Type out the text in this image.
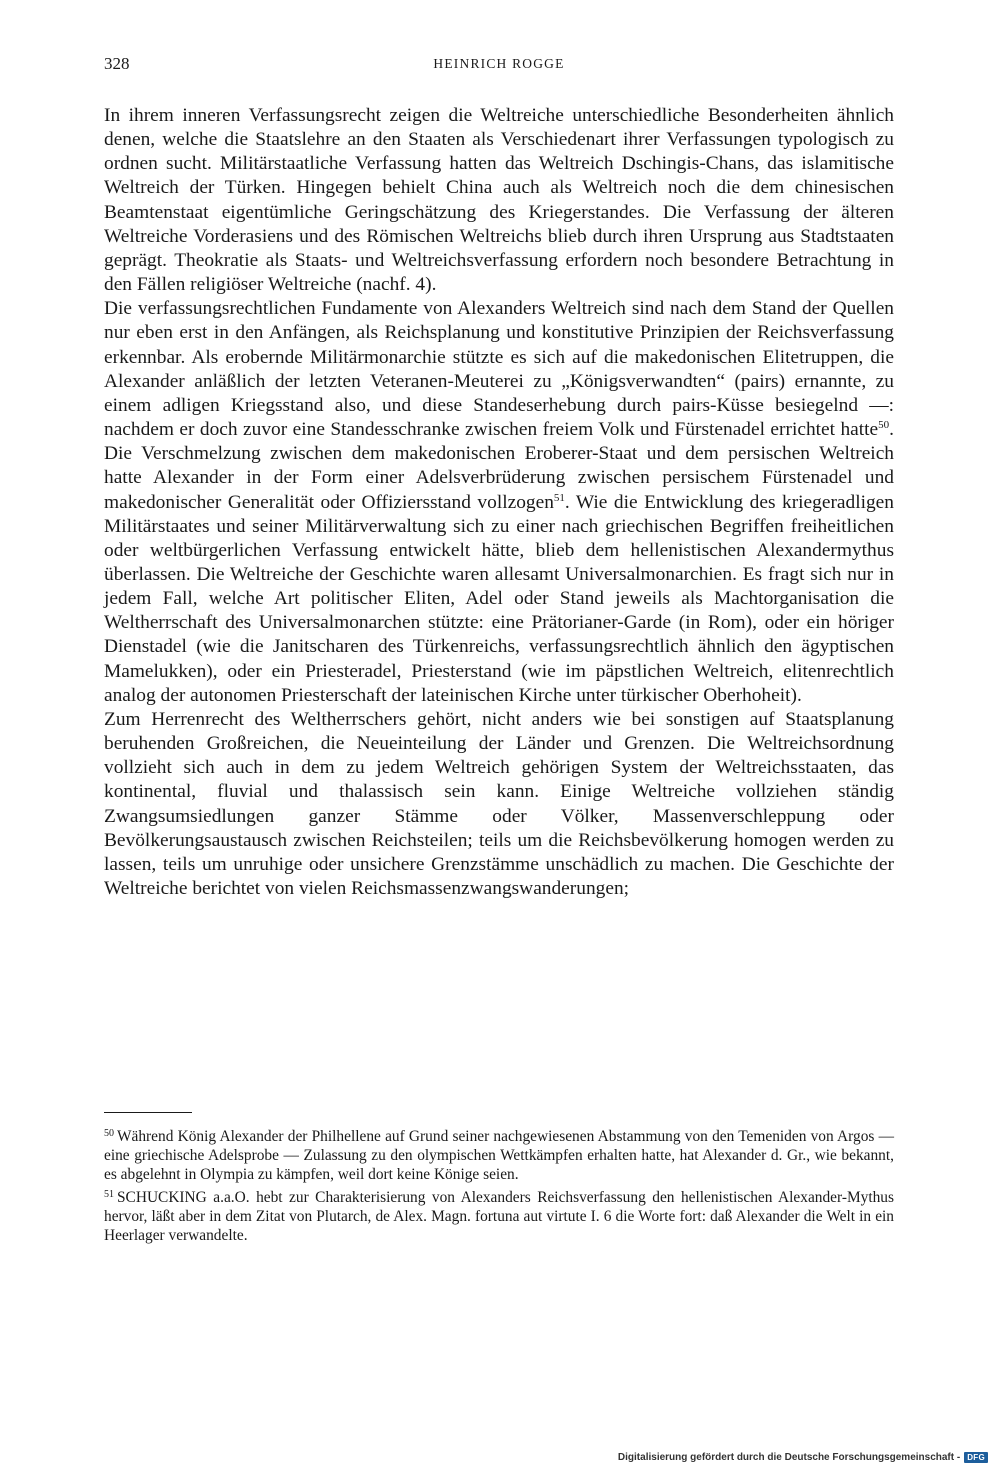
328	HEINRICH ROGGE

In ihrem inneren Verfassungsrecht zeigen die Weltreiche unterschiedliche Besonderheiten ähnlich denen, welche die Staatslehre an den Staaten als Verschiedenart ihrer Verfassungen typologisch zu ordnen sucht. Militärstaatliche Verfassung hatten das Weltreich Dschingis-Chans, das islamitische Weltreich der Türken. Hingegen behielt China auch als Weltreich noch die dem chinesischen Beamtenstaat eigentümliche Geringschätzung des Kriegerstandes. Die Verfassung der älteren Weltreiche Vorderasiens und des Römischen Weltreichs blieb durch ihren Ursprung aus Stadtstaaten geprägt. Theokratie als Staats- und Weltreichsverfassung erfordern noch besondere Betrachtung in den Fällen religiöser Weltreiche (nachf. 4).

Die verfassungsrechtlichen Fundamente von Alexanders Weltreich sind nach dem Stand der Quellen nur eben erst in den Anfängen, als Reichsplanung und konstitutive Prinzipien der Reichsverfassung erkennbar. Als erobernde Militärmonarchie stützte es sich auf die makedonischen Elitetruppen, die Alexander anläßlich der letzten Veteranen-Meuterei zu „Königsverwandten“ (pairs) ernannte, zu einem adligen Kriegsstand also, und diese Standeserhebung durch pairs-Küsse besiegelnd —: nachdem er doch zuvor eine Standesschranke zwischen freiem Volk und Fürstenadel errichtet hatte$^{50}$. Die Verschmelzung zwischen dem makedonischen Eroberer-Staat und dem persischen Weltreich hatte Alexander in der Form einer Adelsverbrüderung zwischen persischem Fürstenadel und makedonischer Generalität oder Offiziersstand vollzogen$^{51}$. Wie die Entwicklung des kriegeradligen Militärstaates und seiner Militärverwaltung sich zu einer nach griechischen Begriffen freiheitlichen oder weltbürgerlichen Verfassung entwickelt hätte, blieb dem hellenistischen Alexandermythus überlassen. Die Weltreiche der Geschichte waren allesamt Universalmonarchien. Es fragt sich nur in jedem Fall, welche Art politischer Eliten, Adel oder Stand jeweils als Machtorganisation die Weltherrschaft des Universalmonarchen stützte: eine Prätorianer-Garde (in Rom), oder ein höriger Dienstadel (wie die Janitscharen des Türkenreichs, verfassungsrechtlich ähnlich den ägyptischen Mamelukken), oder ein Priesteradel, Priesterstand (wie im päpstlichen Weltreich, elitenrechtlich analog der autonomen Priesterschaft der lateinischen Kirche unter türkischer Oberhoheit).

Zum Herrenrecht des Weltherrschers gehört, nicht anders wie bei sonstigen auf Staatsplanung beruhenden Großreichen, die Neueinteilung der Länder und Grenzen. Die Weltreichsordnung vollzieht sich auch in dem zu jedem Weltreich gehörigen System der Weltreichsstaaten, das kontinental, fluvial und thalassisch sein kann. Einige Weltreiche vollziehen ständig Zwangsumsiedlungen ganzer Stämme oder Völker, Massenverschleppung oder Bevölkerungsaustausch zwischen Reichsteilen; teils um die Reichsbevölkerung homogen werden zu lassen, teils um unruhige oder unsichere Grenzstämme unschädlich zu machen. Die Geschichte der Weltreiche berichtet von vielen Reichsmassenzwangswanderungen;

$^{50}$ Während König Alexander der Philhellene auf Grund seiner nachgewiesenen Abstammung von den Temeniden von Argos — eine griechische Adelsprobe — Zulassung zu den olympischen Wettkämpfen erhalten hatte, hat Alexander d. Gr., wie bekannt, es abgelehnt in Olympia zu kämpfen, weil dort keine Könige seien.

$^{51}$ SCHUCKING a.a.O. hebt zur Charakterisierung von Alexanders Reichsverfassung den hellenistischen Alexander-Mythus hervor, läßt aber in dem Zitat von Plutarch, de Alex. Magn. fortuna aut virtute I. 6 die Worte fort: daß Alexander die Welt in ein Heerlager verwandelte.

Digitalisierung gefördert durch die Deutsche Forschungsgemeinschaft - DFG
